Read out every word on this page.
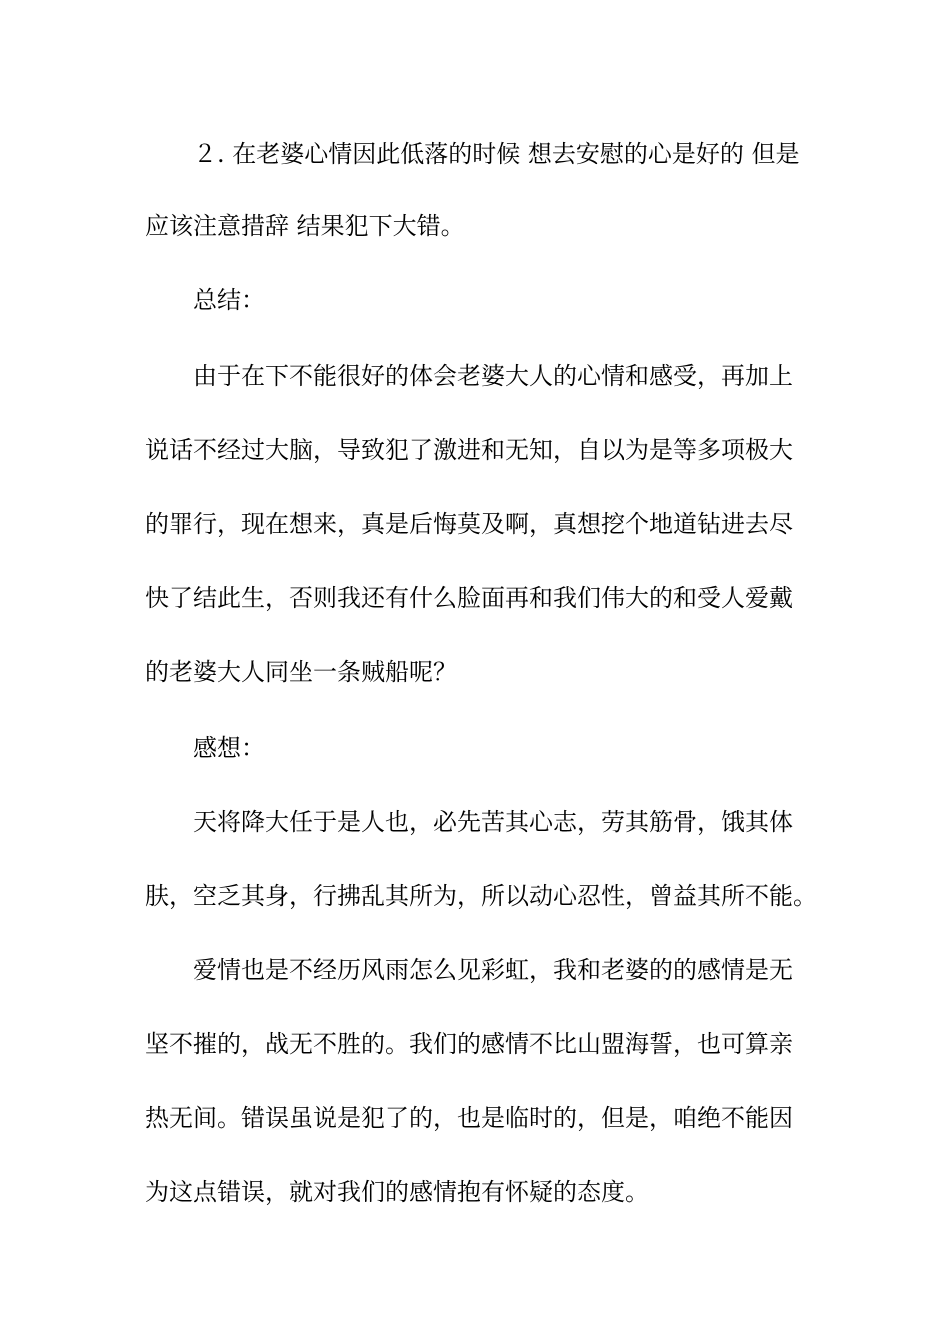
２. 在老婆心情因此低落的时候 想去安慰的心是好的 但是
应该注意措辞 结果犯下大错。
总结：
由于在下不能很好的体会老婆大人的心情和感受，再加上
说话不经过大脑，导致犯了激进和无知，自以为是等多项极大
的罪行，现在想来，真是后悔莫及啊，真想挖个地道钻进去尽
快了结此生，否则我还有什么脸面再和我们伟大的和受人爱戴
的老婆大人同坐一条贼船呢？
感想：
天将降大任于是人也，必先苦其心志，劳其筋骨，饿其体
肤，空乏其身，行拂乱其所为，所以动心忍性，曾益其所不能。
爱情也是不经历风雨怎么见彩虹，我和老婆的的感情是无
坚不摧的，战无不胜的。我们的感情不比山盟海誓，也可算亲
热无间。错误虽说是犯了的，也是临时的，但是，咱绝不能因
为这点错误，就对我们的感情抱有怀疑的态度。
